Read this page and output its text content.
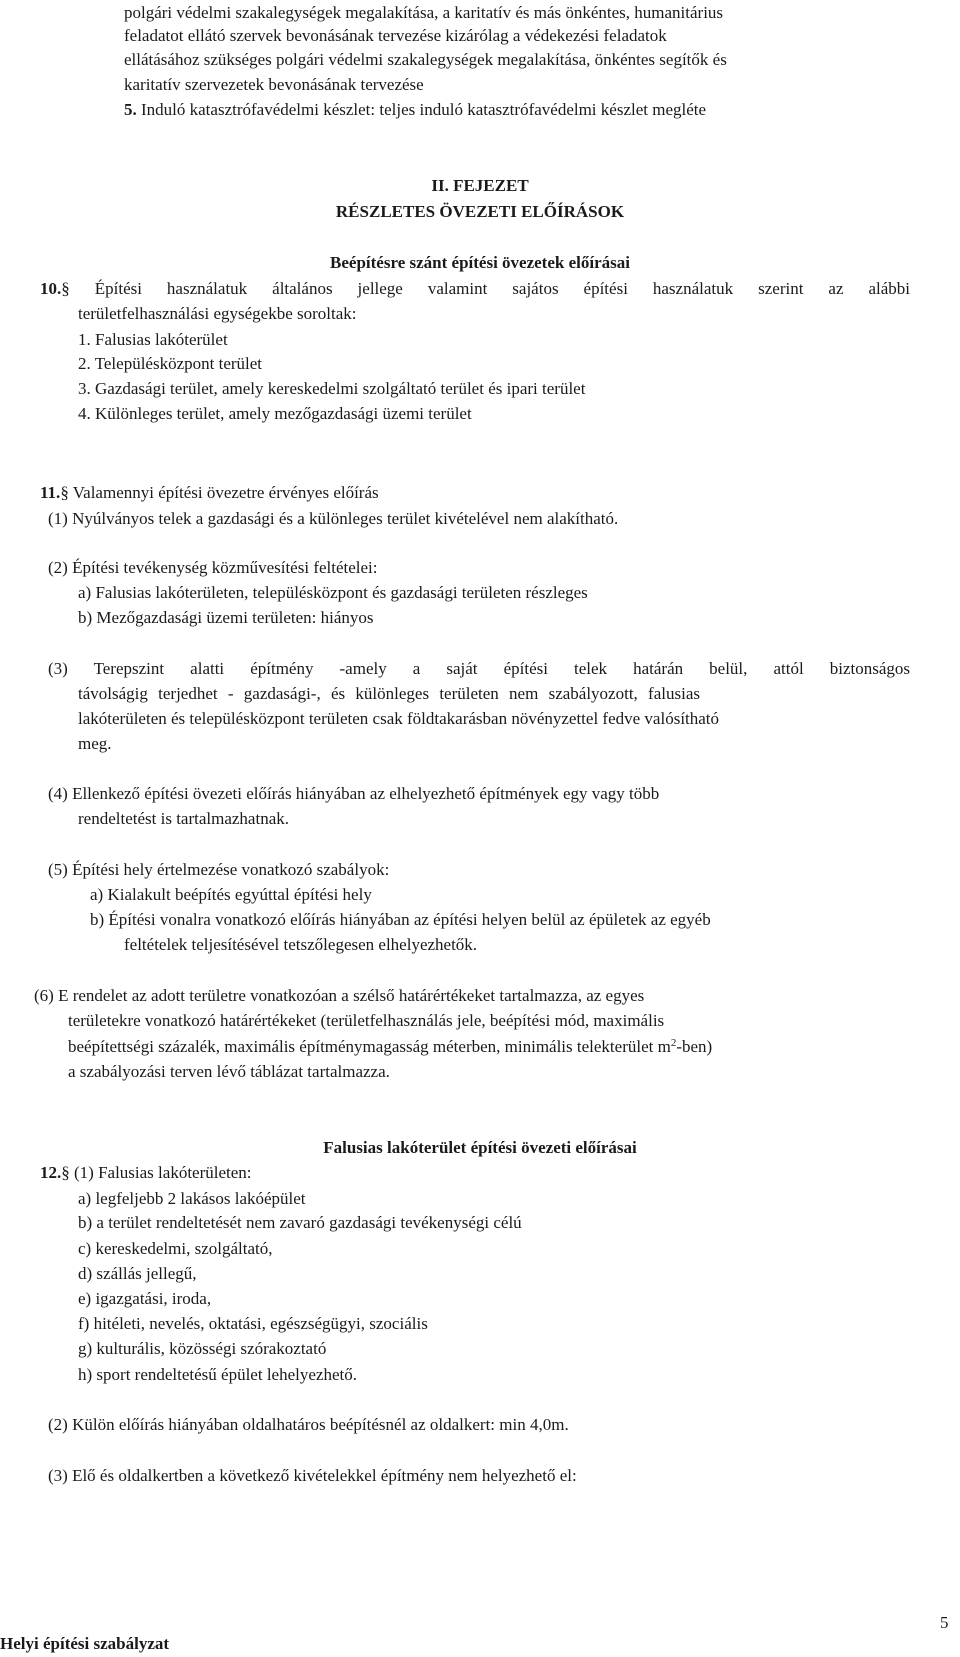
polgári védelmi szakalegységek megalakítása, a karitatív és más önkéntes, humanitárius
feladatot ellátó szervek bevonásának tervezése kizárólag a védekezési feladatok
ellátásához szükséges polgári védelmi szakalegységek megalakítása, önkéntes segítők és
karitatív szervezetek bevonásának tervezése
5. Induló katasztrófavédelmi készlet: teljes induló katasztrófavédelmi készlet megléte
II. FEJEZET
RÉSZLETES ÖVEZETI ELŐÍRÁSOK
Beépítésre szánt építési övezetek előírásai
10.§ Építési használatuk általános jellege valamint sajátos építési használatuk szerint az alábbi
területfelhasználási egységekbe soroltak:
1. Falusias lakóterület
2. Településközpont terület
3. Gazdasági terület, amely kereskedelmi szolgáltató terület és ipari terület
4. Különleges terület, amely mezőgazdasági üzemi terület
11.§ Valamennyi építési övezetre érvényes előírás
(1) Nyúlványos telek a gazdasági és a különleges terület kivételével nem alakítható.
(2) Építési tevékenység közművesítési feltételei:
a) Falusias lakóterületen, településközpont és gazdasági területen részleges
b) Mezőgazdasági üzemi területen: hiányos
(3) Terepszint alatti építmény -amely a saját építési telek határán belül, attól biztonságos
távolságig terjedhet - gazdasági-, és különleges területen nem szabályozott, falusias
lakóterületen és településközpont területen csak földtakarásban növényzettel fedve valósítható
meg.
(4) Ellenkező építési övezeti előírás hiányában az elhelyezhető építmények egy vagy több
rendeltetést is tartalmazhatnak.
(5) Építési hely értelmezése vonatkozó szabályok:
a) Kialakult beépítés egyúttal építési hely
b) Építési vonalra vonatkozó előírás hiányában az építési helyen belül az épületek az egyéb
feltételek teljesítésével tetszőlegesen elhelyezhetők.
(6) E rendelet az adott területre vonatkozóan a szélső határértékeket tartalmazza, az egyes
területekre vonatkozó határértékeket (területfelhasználás jele, beépítési mód, maximális
beépítettségi százalék, maximális építménymagasság méterben, minimális telekterület $m^2-ben$)
a szabályozási terven lévő táblázat tartalmazza.
Falusias lakóterület építési övezeti előírásai
12.§ (1) Falusias lakóterületen:
a) legfeljebb 2 lakásos lakóépület
b) a terület rendeltetését nem zavaró gazdasági tevékenységi célú
c) kereskedelmi, szolgáltató,
d) szállás jellegű,
e) igazgatási, iroda,
f) hitéleti, nevelés, oktatási, egészségügyi, szociális
g) kulturális, közösségi szórakoztató
h) sport rendeltetésű épület lehelyezhető.
(2) Külön előírás hiányában oldalhatáros beépítésnél az oldalkert: min 4,0m.
(3) Elő és oldalkertben a következő kivételekkel építmény nem helyezhető el:
5
Helyi építési szabályzat
